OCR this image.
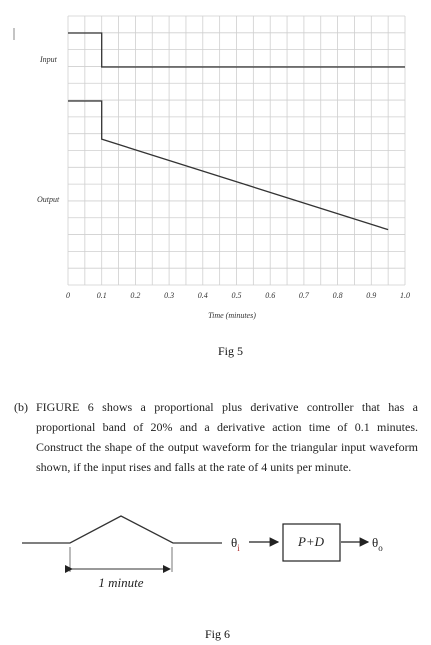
Input
Output
0	0.1	0.2	0.3	0.4	0.5	0.6	0.7	0.8	0.9	1.0
Time (minutes)
Fig 5
(b) FIGURE 6 shows a proportional plus derivative controller that has a proportional band of 20% and a derivative action time of 0.1 minutes. Construct the shape of the output waveform for the triangular input waveform shown, if the input rises and falls at the rate of 4 units per minute.
1 minute
$\theta_i$	P+D	$\theta_o$
Fig 6
